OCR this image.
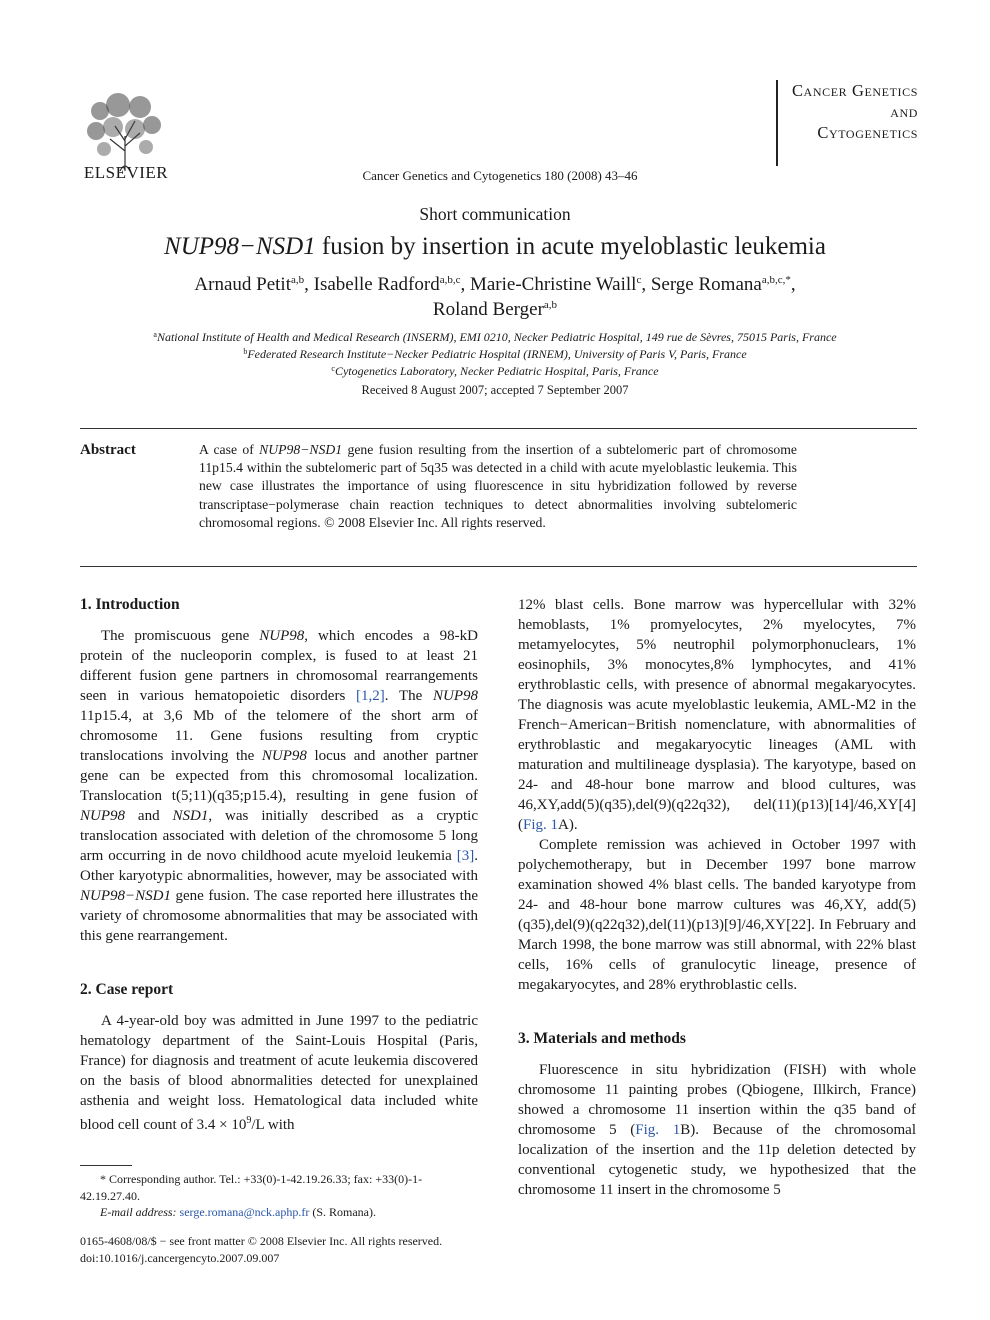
ELSEVIER	Cancer Genetics and Cytogenetics 180 (2008) 43–46
Cancer Genetics
and
Cytogenetics
Short communication
NUP98−NSD1 fusion by insertion in acute myeloblastic leukemia
Arnaud Petit$^{a,b}$, Isabelle Radford$^{a,b,c}$, Marie-Christine Waill$^c$, Serge Romana$^{a,b,c,*}$,
Roland Berger$^{a,b}$
$^a$National Institute of Health and Medical Research (INSERM), EMI 0210, Necker Pediatric Hospital, 149 rue de Sèvres, 75015 Paris, France
$^b$Federated Research Institute−Necker Pediatric Hospital (IRNEM), University of Paris V, Paris, France
$^c$Cytogenetics Laboratory, Necker Pediatric Hospital, Paris, France
Received 8 August 2007; accepted 7 September 2007
Abstract	A case of NUP98−NSD1 gene fusion resulting from the insertion of a subtelomeric part of chromosome 11p15.4 within the subtelomeric part of 5q35 was detected in a child with acute myeloblastic leukemia. This new case illustrates the importance of using fluorescence in situ hybridization followed by reverse transcriptase−polymerase chain reaction techniques to detect abnormalities involving subtelomeric chromosomal regions. © 2008 Elsevier Inc. All rights reserved.
1. Introduction

The promiscuous gene NUP98, which encodes a 98-kD protein of the nucleoporin complex, is fused to at least 21 different fusion gene partners in chromosomal rearrangements seen in various hematopoietic disorders [1,2]. The NUP98 11p15.4, at 3,6 Mb of the telomere of the short arm of chromosome 11. Gene fusions resulting from cryptic translocations involving the NUP98 locus and another partner gene can be expected from this chromosomal localization. Translocation t(5;11)(q35;p15.4), resulting in gene fusion of NUP98 and NSD1, was initially described as a cryptic translocation associated with deletion of the chromosome 5 long arm occurring in de novo childhood acute myeloid leukemia [3]. Other karyotypic abnormalities, however, may be associated with NUP98−NSD1 gene fusion. The case reported here illustrates the variety of chromosome abnormalities that may be associated with this gene rearrangement.

2. Case report

A 4-year-old boy was admitted in June 1997 to the pediatric hematology department of the Saint-Louis Hospital (Paris, France) for diagnosis and treatment of acute leukemia discovered on the basis of blood abnormalities detected for unexplained asthenia and weight loss. Hematological data included white blood cell count of $3.4 \times 10^9/L$ with

12% blast cells. Bone marrow was hypercellular with 32% hemoblasts, 1% promyelocytes, 2% myelocytes, 7% metamyelocytes, 5% neutrophil polymorphonuclears, 1% eosinophils, 3% monocytes,8% lymphocytes, and 41% erythroblastic cells, with presence of abnormal megakaryocytes. The diagnosis was acute myeloblastic leukemia, AML-M2 in the French−American−British nomenclature, with abnormalities of erythroblastic and megakaryocytic lineages (AML with maturation and multilineage dysplasia). The karyotype, based on 24- and 48-hour bone marrow and blood cultures, was 46,XY,add(5)(q35),del(9)(q22q32), del(11)(p13)[14]/46,XY[4] (Fig. 1A).

Complete remission was achieved in October 1997 with polychemotherapy, but in December 1997 bone marrow examination showed 4% blast cells. The banded karyotype from 24- and 48-hour bone marrow cultures was 46,XY, add(5)(q35),del(9)(q22q32),del(11)(p13)[9]/46,XY[22]. In February and March 1998, the bone marrow was still abnormal, with 22% blast cells, 16% cells of granulocytic lineage, presence of megakaryocytes, and 28% erythroblastic cells.

3. Materials and methods

Fluorescence in situ hybridization (FISH) with whole chromosome 11 painting probes (Qbiogene, Illkirch, France) showed a chromosome 11 insertion within the q35 band of chromosome 5 (Fig. 1B). Because of the chromosomal localization of the insertion and the 11p deletion detected by conventional cytogenetic study, we hypothesized that the chromosome 11 insert in the chromosome 5

* Corresponding author. Tel.: +33(0)-1-42.19.26.33; fax: +33(0)-1-42.19.27.40.
E-mail address: serge.romana@nck.aphp.fr (S. Romana).
0165-4608/08/$ − see front matter © 2008 Elsevier Inc. All rights reserved.
doi:10.1016/j.cancergencyto.2007.09.007
